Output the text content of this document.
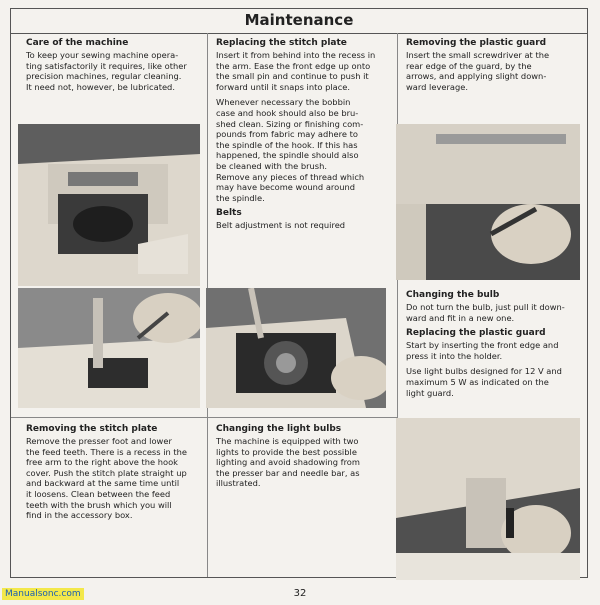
Maintenance
Care of the machine
To keep your sewing machine opera-
ting satisfactorily it requires, like other
precision machines, regular cleaning.
It need not, however, be lubricated.
Replacing the stitch plate
Insert it from behind into the recess in
the arm. Ease the front edge up onto
the small pin and continue to push it
forward until it snaps into place.
Whenever necessary the bobbin
case and hook should also be bru-
shed clean. Sizing or finishing com-
pounds from fabric may adhere to
the spindle of the hook. If this has
happened, the spindle should also
be cleaned with the brush.
Remove any pieces of thread which
may have become wound around
the spindle.
Belts
Belt adjustment is not required
Removing the plastic guard
Insert the small screwdriver at the
rear edge of the guard, by the
arrows, and applying slight down-
ward leverage.
Changing the bulb
Do not turn the bulb, just pull it down-
ward and fit in a new one.
Replacing the plastic guard
Start by inserting the front edge and
press it into the holder.
Use light bulbs designed for 12 V and
maximum 5 W as indicated on the
light guard.
Removing the stitch plate
Remove the presser foot and lower
the feed teeth. There is a recess in the
free arm to the right above the hook
cover. Push the stitch plate straight up
and backward at the same time until
it loosens. Clean between the feed
teeth with the brush which you will
find in the accessory box.
Changing the light bulbs
The machine is equipped with two
lights to provide the best possible
lighting and avoid shadowing from
the presser bar and needle bar, as
illustrated.
Manualsonc.com	32
